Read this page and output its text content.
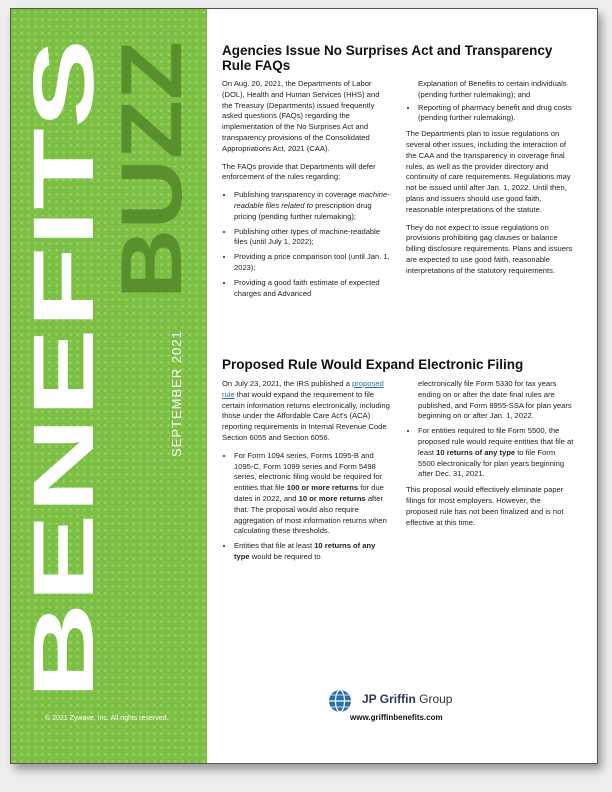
BENEFITS
BUZZ
SEPTEMBER 2021
© 2021 Zywave, Inc. All rights reserved.
Agencies Issue No Surprises Act and Transparency Rule FAQs

On Aug. 20, 2021, the Departments of Labor (DOL), Health and Human Services (HHS) and the Treasury (Departments) issued frequently asked questions (FAQs) regarding the implementation of the No Surprises Act and transparency provisions of the Consolidated Appropriations Act, 2021 (CAA).

The FAQs provide that Departments will defer enforcement of the rules regarding:

• Publishing transparency in coverage machine-readable files related to prescription drug pricing (pending further rulemaking);
• Publishing other types of machine-readable files (until July 1, 2022);
• Providing a price comparison tool (until Jan. 1, 2023);
• Providing a good faith estimate of expected charges and Advanced

Explanation of Benefits to certain individuals (pending further rulemaking); and

• Reporting of pharmacy benefit and drug costs (pending further rulemaking).

The Departments plan to issue regulations on several other issues, including the interaction of the CAA and the transparency in coverage final rules, as well as the provider directory and continuity of care requirements. Regulations may not be issued until after Jan. 1, 2022. Until then, plans and issuers should use good faith, reasonable interpretations of the statute.

They do not expect to issue regulations on provisions prohibiting gag clauses or balance billing disclosure requirements. Plans and issuers are expected to use good faith, reasonable interpretations of the statutory requirements.

Proposed Rule Would Expand Electronic Filing

On July 23, 2021, the IRS published a proposed rule that would expand the requirement to file certain information returns electronically, including those under the Affordable Care Act's (ACA) reporting requirements in Internal Revenue Code Section 6055 and Section 6056.

• For Form 1094 series, Forms 1095-B and 1095-C, Form 1099 series and Form 5498 series, electronic filing would be required for entities that file 100 or more returns for due dates in 2022, and 10 or more returns after that. The proposal would also require aggregation of most information returns when calculating these thresholds.
• Entities that file at least 10 returns of any type would be required to

electronically file Form 5330 for tax years ending on or after the date final rules are published, and Form 8955-SSA for plan years beginning on or after Jan. 1, 2022.

• For entities required to file Form 5500, the proposed rule would require entities that file at least 10 returns of any type to file Form 5500 electronically for plan years beginning after Dec. 31, 2021.

This proposal would effectively eliminate paper filings for most employers. However, the proposed rule has not been finalized and is not effective at this time.

JP Griffin Group
www.griffinbenefits.com
